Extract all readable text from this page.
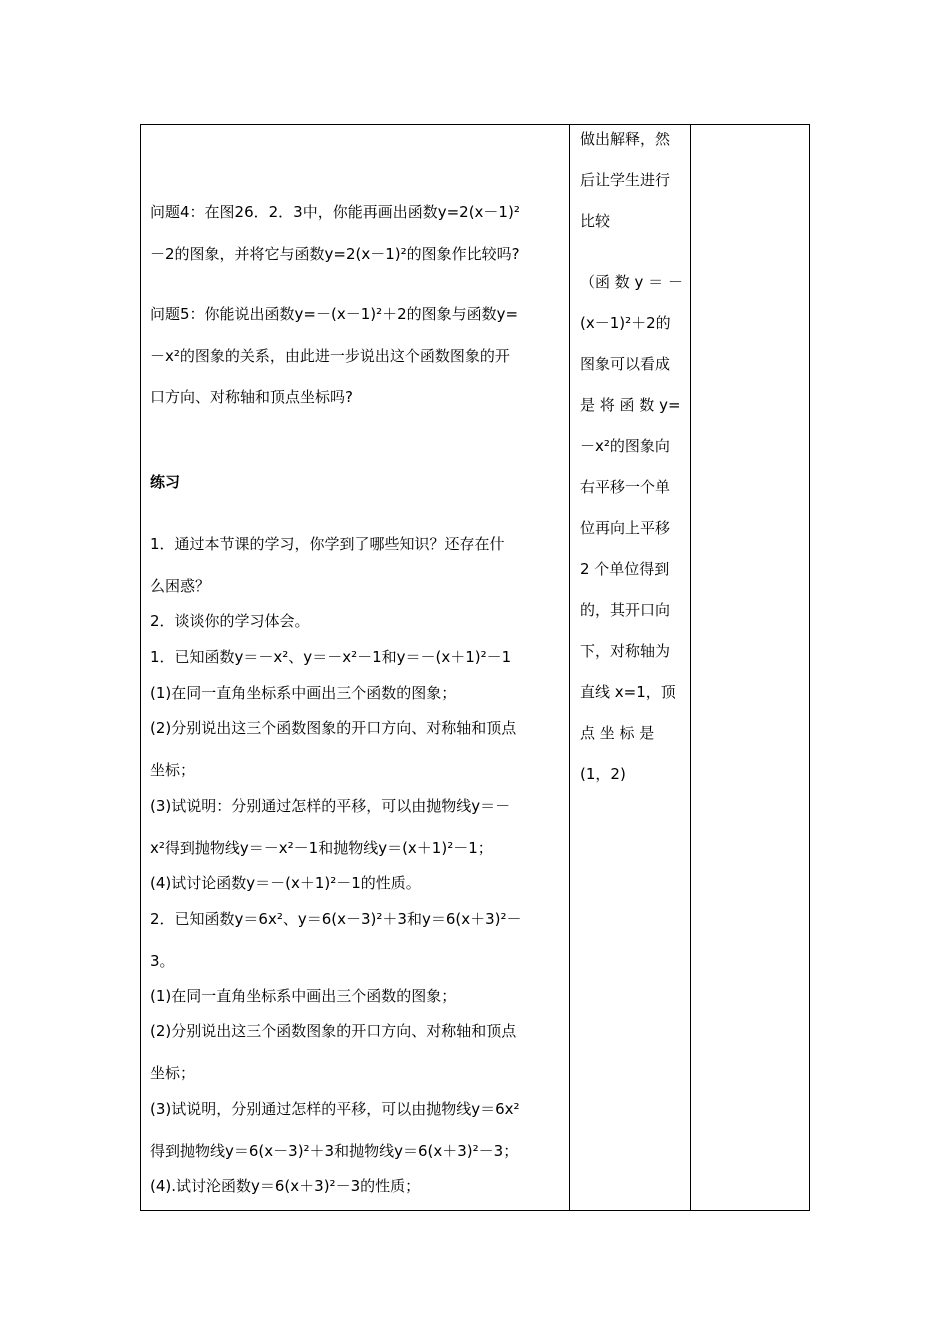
问题4：在图26．2．3中，你能再画出函数y=2(x－1)²
－2的图象，并将它与函数y=2(x－1)²的图象作比较吗?
问题5：你能说出函数y=－(x－1)²＋2的图象与函数y=
－x²的图象的关系，由此进一步说出这个函数图象的开
口方向、对称轴和顶点坐标吗?
练习
1．通过本节课的学习，你学到了哪些知识？还存在什
么困惑？
2．谈谈你的学习体会。
1．已知函数y＝－x²、y＝－x²－1和y＝－(x＋1)²－1
(1)在同一直角坐标系中画出三个函数的图象；
(2)分别说出这三个函数图象的开口方向、对称轴和顶点
坐标；
(3)试说明：分别通过怎样的平移，可以由抛物线y＝－
x²得到抛物线y＝－x²－1和抛物线y＝(x＋1)²－1；
(4)试讨论函数y＝－(x＋1)²－1的性质。
2．已知函数y＝6x²、y＝6(x－3)²＋3和y＝6(x＋3)²－
3。
(1)在同一直角坐标系中画出三个函数的图象；
(2)分别说出这三个函数图象的开口方向、对称轴和顶点
坐标；
(3)试说明，分别通过怎样的平移，可以由抛物线y＝6x²
得到抛物线y＝6(x－3)²＋3和抛物线y＝6(x＋3)²－3；
(4).试讨沦函数y＝6(x＋3)²－3的性质；
做出解释，然
后让学生进行
比较
（函 数 y ＝ －
(x－1)²＋2的
图象可以看成
是 将 函 数 y=
－x²的图象向
右平移一个单
位再向上平移
2 个单位得到
的，其开口向
下，对称轴为
直线 x=1，顶
点 坐 标 是
(1，2)
